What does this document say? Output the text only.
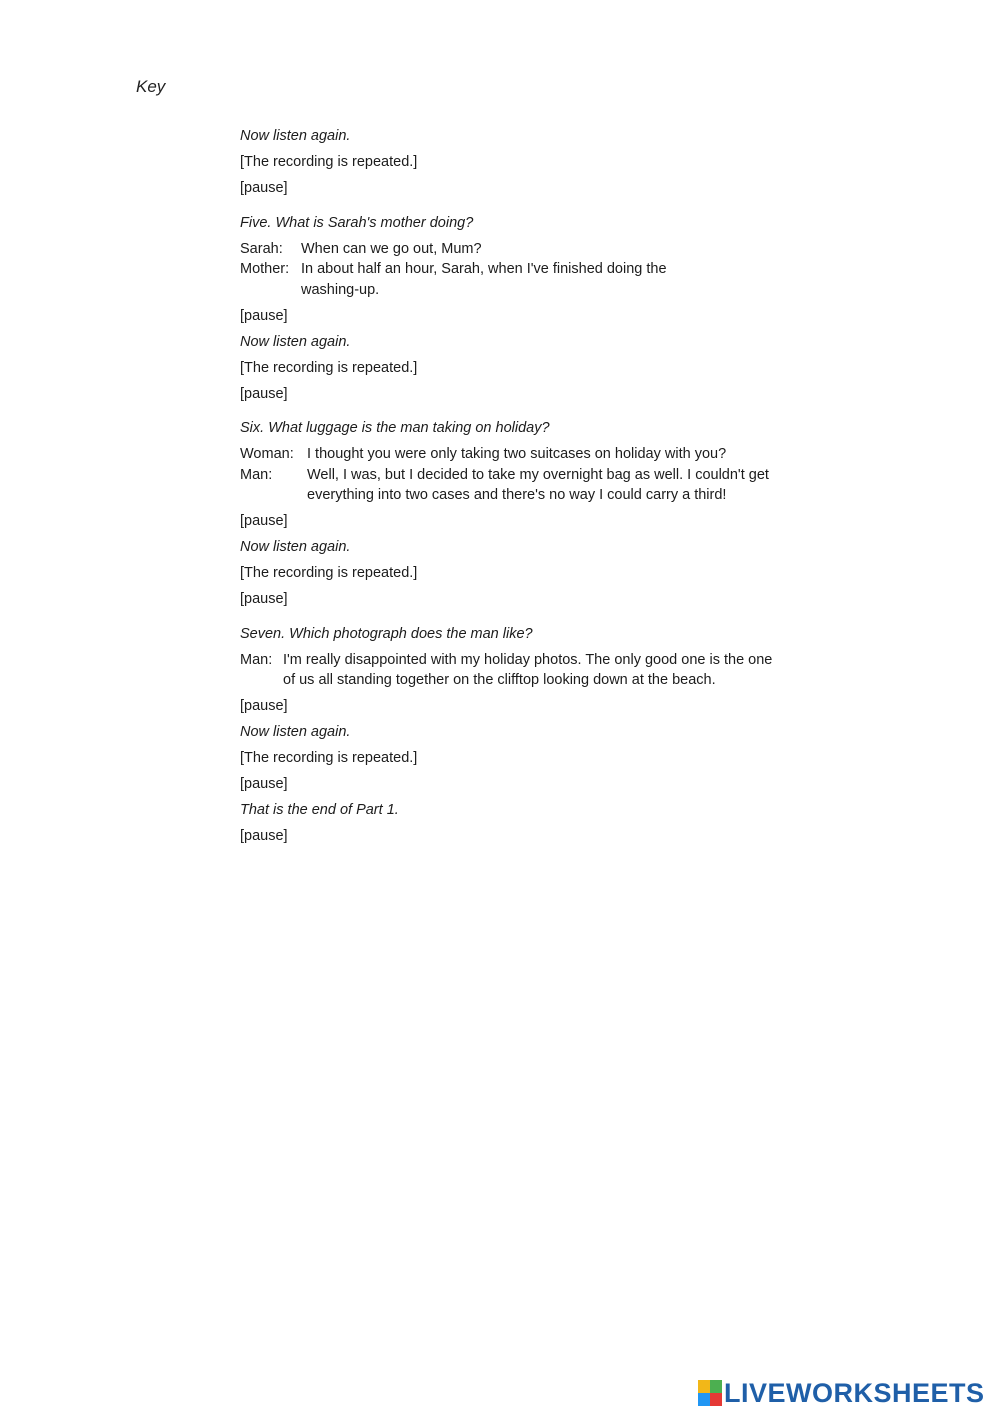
Key

Now listen again.

[The recording is repeated.]

[pause]

Five. What is Sarah's mother doing?

Sarah:	When can we go out, Mum?
Mother: In about half an hour, Sarah, when I've finished doing the washing-up.

[pause]

Now listen again.

[The recording is repeated.]

[pause]

Six. What luggage is the man taking on holiday?

Woman: I thought you were only taking two suitcases on holiday with you?
Man:	Well, I was, but I decided to take my overnight bag as well. I couldn't get everything into two cases and there's no way I could carry a third!

[pause]

Now listen again.

[The recording is repeated.]

[pause]

Seven. Which photograph does the man like?

Man: I'm really disappointed with my holiday photos. The only good one is the one of us all standing together on the clifftop looking down at the beach.

[pause]

Now listen again.

[The recording is repeated.]

[pause]

That is the end of Part 1.

[pause]

LIVEWORKSHEETS
